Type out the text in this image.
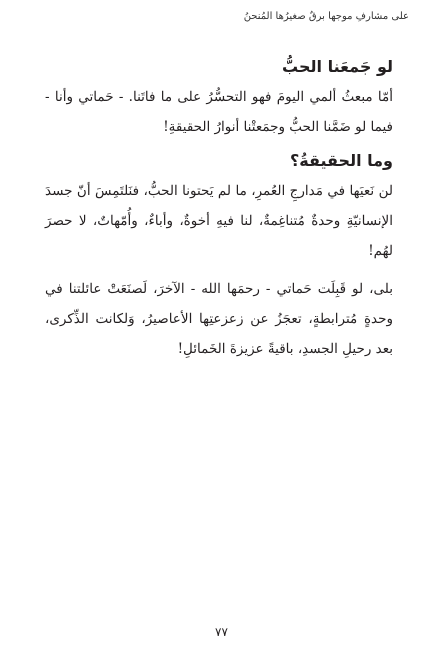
على مشارفِ موجها برقٌ صغيرُها المُنحنُ
لو جَمعَنا الحبُّ

أمّا مبعثُ ألمي اليومَ فهو التحسُّرُ على ما فاتَنا. - حَماتي وأنا - فيما لو ضَمَّنا الحبُّ وجمَعتْنا أنوارُ الحقيقةِ!

وما الحقيقةُ؟

لن نَعيَها في مَدارجِ العُمرِ، ما لم يَحتونا الحبُّ، فنَلتَمِسَ أنّ جسدَ الإنسانيّةِ وحدةٌ مُتناغِمةٌ، لنا فيهِ أخوةٌ، وأباءٌ، وأُمّهاتٌ، لا حصرَ لهُم!

بلى، لو قَبِلَت حَماتي - رحمَها الله - الآخرَ، لَصنَعَتْ عائلتنا في وحدةٍ مُترابطةٍ، تعجَزُ عن زعزعتِها الأعاصيرُ، وَلكانت الذِّكرى، بعد رحيلِ الجسدِ، باقيةً عزيزةَ الخَمائلِ!

٧٧
